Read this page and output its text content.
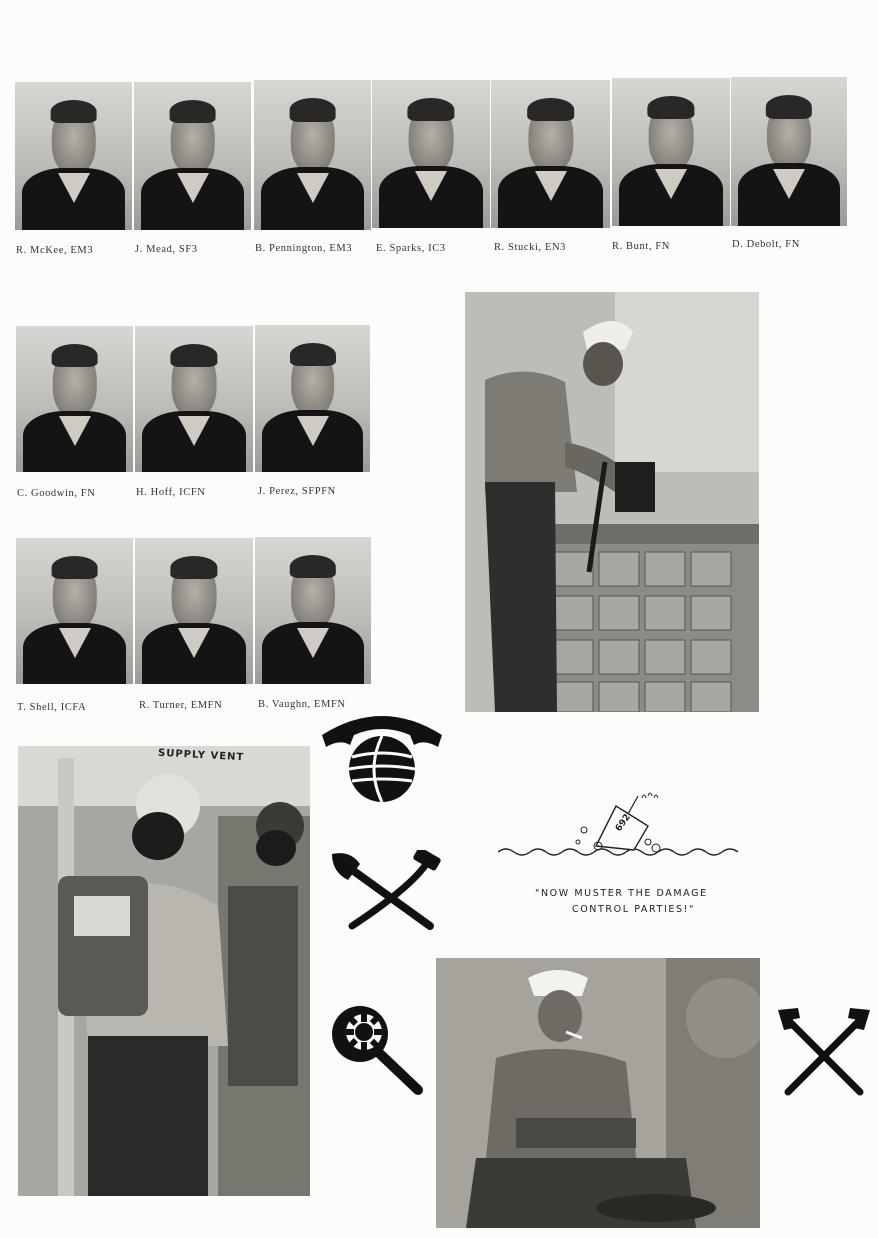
R. McKee, EM3	J. Mead, SF3	B. Pennington, EM3 E. Sparks, IC3	R. Stucki, EN3	R. Bunt, FN	D. Debolt, FN
C. Goodwin, FN	H. Hoff, ICFN	J. Perez, SFPFN
T. Shell, ICFA	R. Turner, EMFN	B. Vaughn, EMFN
SUPPLY VENT
692
"NOW MUSTER THE DAMAGE
CONTROL PARTIES!"
